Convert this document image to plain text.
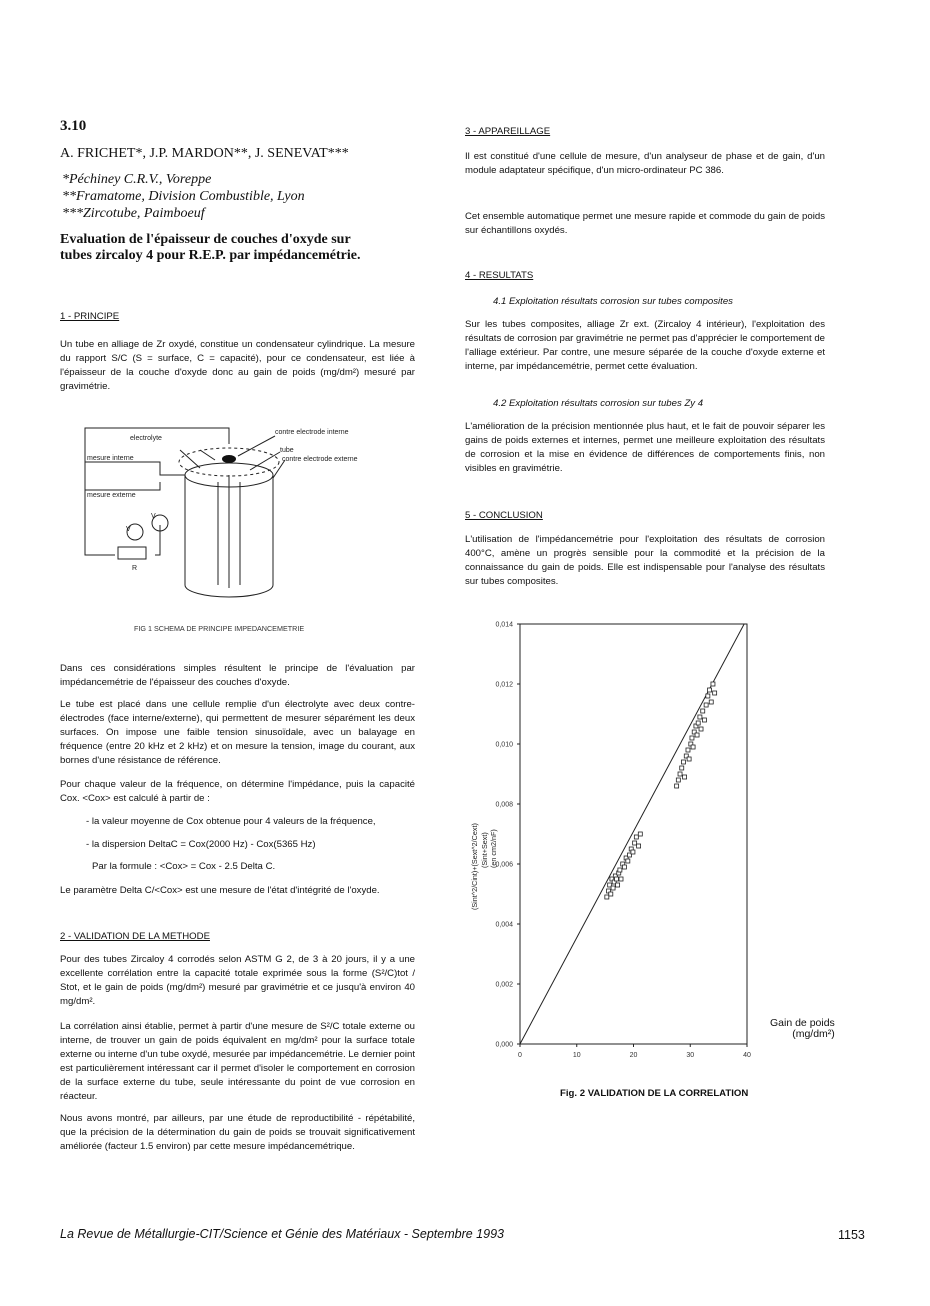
3.10
A. FRICHET*, J.P. MARDON**, J. SENEVAT***
*Péchiney C.R.V., Voreppe
**Framatome, Division Combustible, Lyon
***Zircotube, Paimboeuf
Evaluation de l'épaisseur de couches d'oxyde sur
tubes zircaloy 4 pour R.E.P. par impédancemétrie.
1 - PRINCIPE

Un tube en alliage de Zr oxydé, constitue un condensateur cylindrique. La mesure du rapport S/C (S = surface, C = capacité), pour ce condensateur, est liée à l'épaisseur de la couche d'oxyde donc au gain de poids (mg/dm²) mesuré par gravimétrie.

electrolyte
mesure interne
mesure externe
V
V
R
contre electrode interne
tube
contre electrode externe
FIG 1 SCHEMA DE PRINCIPE IMPEDANCEMETRIE

Dans ces considérations simples résultent le principe de l'évaluation par impédancemétrie de l'épaisseur des couches d'oxyde.

Le tube est placé dans une cellule remplie d'un électrolyte avec deux contre-électrodes (face interne/externe), qui permettent de mesurer séparément les deux surfaces. On impose une faible tension sinusoïdale, avec un balayage en fréquence (entre 20 kHz et 2 kHz) et on mesure la tension, image du courant, aux bornes d'une résistance de référence.

Pour chaque valeur de la fréquence, on détermine l'impédance, puis la capacité Cox. <Cox> est calculé à partir de :

- la valeur moyenne de Cox obtenue pour 4 valeurs de la fréquence,
- la dispersion DeltaC = Cox(2000 Hz) - Cox(5365 Hz)
Par la formule : <Cox> = Cox - 2.5 Delta C.
Le paramètre Delta C/<Cox> est une mesure de l'état d'intégrité de l'oxyde.
2 - VALIDATION DE LA METHODE

Pour des tubes Zircaloy 4 corrodés selon ASTM G 2, de 3 à 20 jours, il y a une excellente corrélation entre la capacité totale exprimée sous la forme (S²/C)tot / Stot, et le gain de poids (mg/dm²) mesuré par gravimétrie et ce jusqu'à environ 40 mg/dm².

La corrélation ainsi établie, permet à partir d'une mesure de S²/C totale externe ou interne, de trouver un gain de poids équivalent en mg/dm² pour la surface totale externe ou interne d'un tube oxydé, mesurée par impédancemétrie. Le dernier point est particulièrement intéressant car il permet d'isoler le comportement en corrosion de la surface externe du tube, seule intéressante du point de vue corrosion en réacteur.

Nous avons montré, par ailleurs, par une étude de reproductibilité - répétabilité, que la précision de la détermination du gain de poids se trouvait significativement améliorée (facteur 1.5 environ) par cette mesure impédancemétrique.

3 - APPAREILLAGE

Il est constitué d'une cellule de mesure, d'un analyseur de phase et de gain, d'un module adaptateur spécifique, d'un micro-ordinateur PC 386.

Cet ensemble automatique permet une mesure rapide et commode du gain de poids sur échantillons oxydés.

4 - RESULTATS
4.1 Exploitation résultats corrosion sur tubes composites

Sur les tubes composites, alliage Zr ext. (Zircaloy 4 intérieur), l'exploitation des résultats de corrosion par gravimétrie ne permet pas d'apprécier le comportement de l'alliage extérieur. Par contre, une mesure séparée de la couche d'oxyde externe et interne, par impédancemétrie, permet cette évaluation.

4.2 Exploitation résultats corrosion sur tubes Zy 4

L'amélioration de la précision mentionnée plus haut, et le fait de pouvoir séparer les gains de poids externes et internes, permet une meilleure exploitation des résultats de corrosion et la mise en évidence de différences de comportements finis, non visibles en gravimétrie.

5 - CONCLUSION

L'utilisation de l'impédancemétrie pour l'exploitation des résultats de corrosion 400°C, amène un progrès sensible pour la commodité et la précision de la connaissance du gain de poids. Elle est indispensable pour l'analyse des résultats sur tubes composites.

0,000
0,002
0,004
0,006
0,008
0,010
0,012
0,014
0	10	20	30	40
(Sint^2/Cint)+(Sext^2/Cext) (Sint+Sext) (en cm2/nF)
Gain de poids
(mg/dm²)
Fig. 2 VALIDATION DE LA CORRELATION
La Revue de Métallurgie-CIT/Science et Génie des Matériaux - Septembre 1993	1153
